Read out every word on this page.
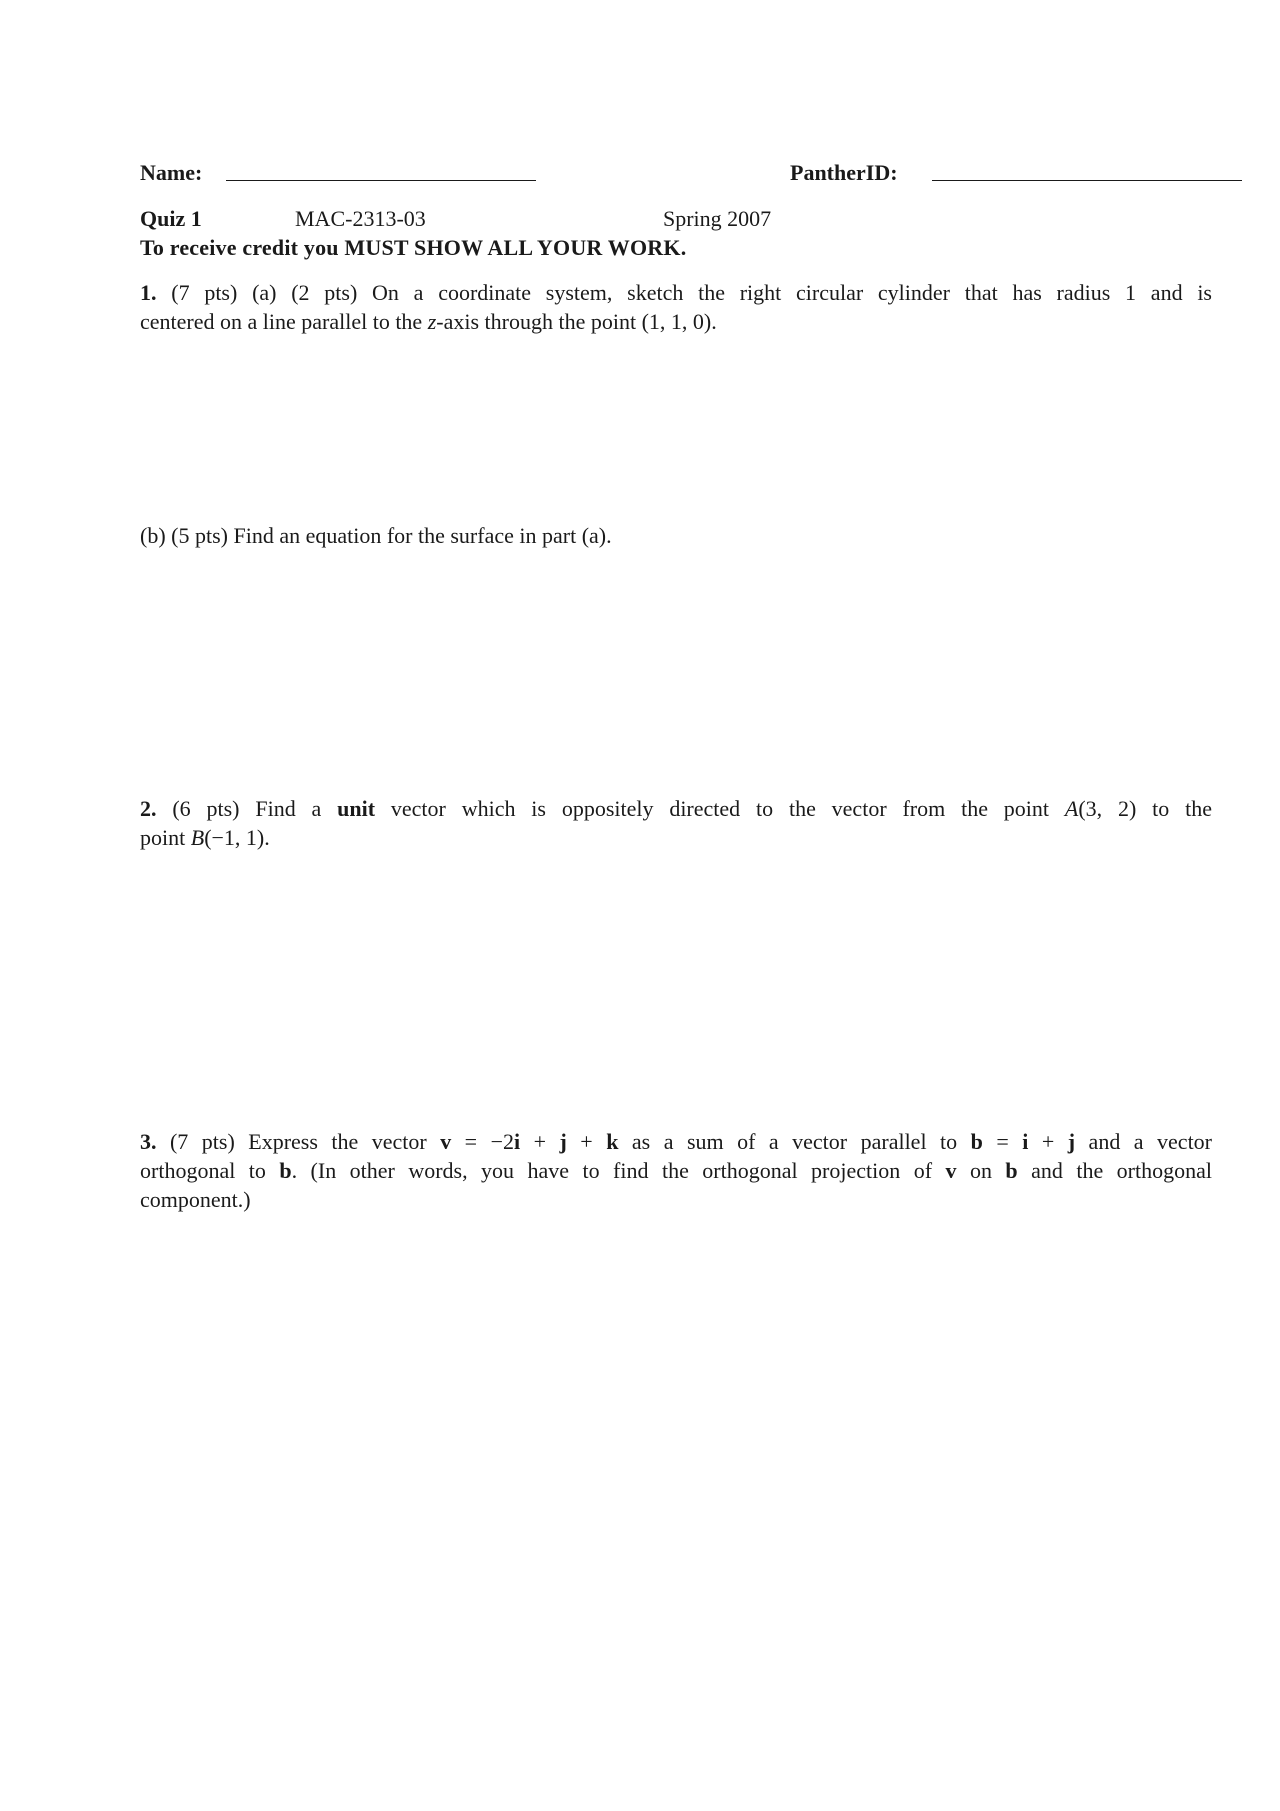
Name:	PantherID:
Quiz 1	MAC-2313-03	Spring 2007
To receive credit you MUST SHOW ALL YOUR WORK.
1. (7 pts) (a) (2 pts) On a coordinate system, sketch the right circular cylinder that has radius 1 and is
centered on a line parallel to the z-axis through the point (1, 1, 0).
(b) (5 pts) Find an equation for the surface in part (a).
2. (6 pts) Find a unit vector which is oppositely directed to the vector from the point A(3, 2) to the
point B(−1, 1).
3. (7 pts) Express the vector v = −2i + j + k as a sum of a vector parallel to b = i + j and a vector
orthogonal to b. (In other words, you have to find the orthogonal projection of v on b and the orthogonal
component.)
